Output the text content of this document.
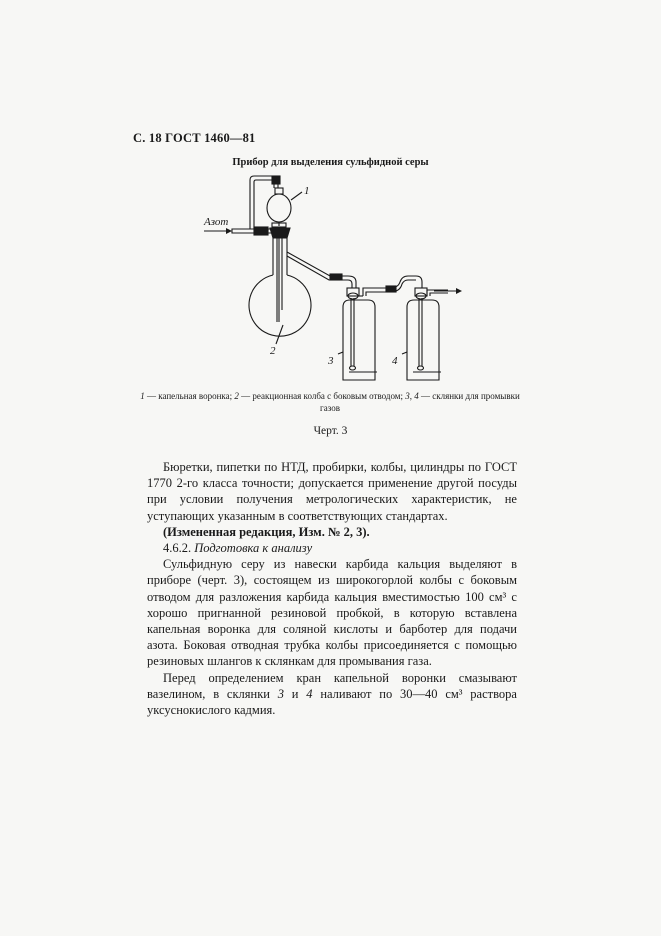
С. 18 ГОСТ 1460—81
Прибор для выделения сульфидной серы
Азот
1
2
3	4
1 — капельная воронка; 2 — реакционная колба с боковым отводом; 3, 4 — склянки для промывки газов
Черт. 3

Бюретки, пипетки по НТД, пробирки, колбы, цилиндры по ГОСТ 1770 2-го класса точности; допускается применение другой посуды при условии получения метрологических характеристик, не уступающих указанным в соответствующих стандартах.

(Измененная редакция, Изм. № 2, 3).

4.6.2. Подготовка к анализу

Сульфидную серу из навески карбида кальция выделяют в приборе (черт. 3), состоящем из широкогорлой колбы с боковым отводом для разложения карбида кальция вместимостью 100 см³ с хорошо пригнанной резиновой пробкой, в которую вставлена капельная воронка для соляной кислоты и барботер для подачи азота. Боковая отводная трубка колбы присоединяется с помощью резиновых шлангов к склянкам для промывания газа.

Перед определением кран капельной воронки смазывают вазелином, в склянки 3 и 4 наливают по 30—40 см³ раствора уксуснокислого кадмия.
